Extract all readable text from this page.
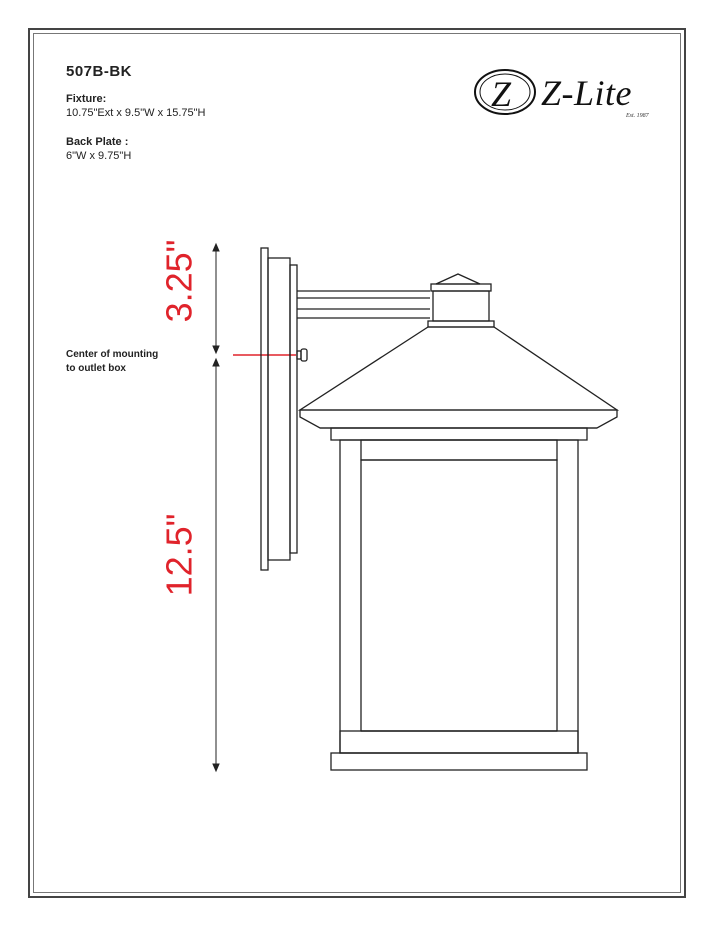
507B-BK
Fixture:
10.75"Ext x 9.5"W x 15.75"H
Back Plate :
6"W x 9.75"H
Center of mounting
to outlet box
Z Z-Lite
Est. 1987
3.25"
12.5"
